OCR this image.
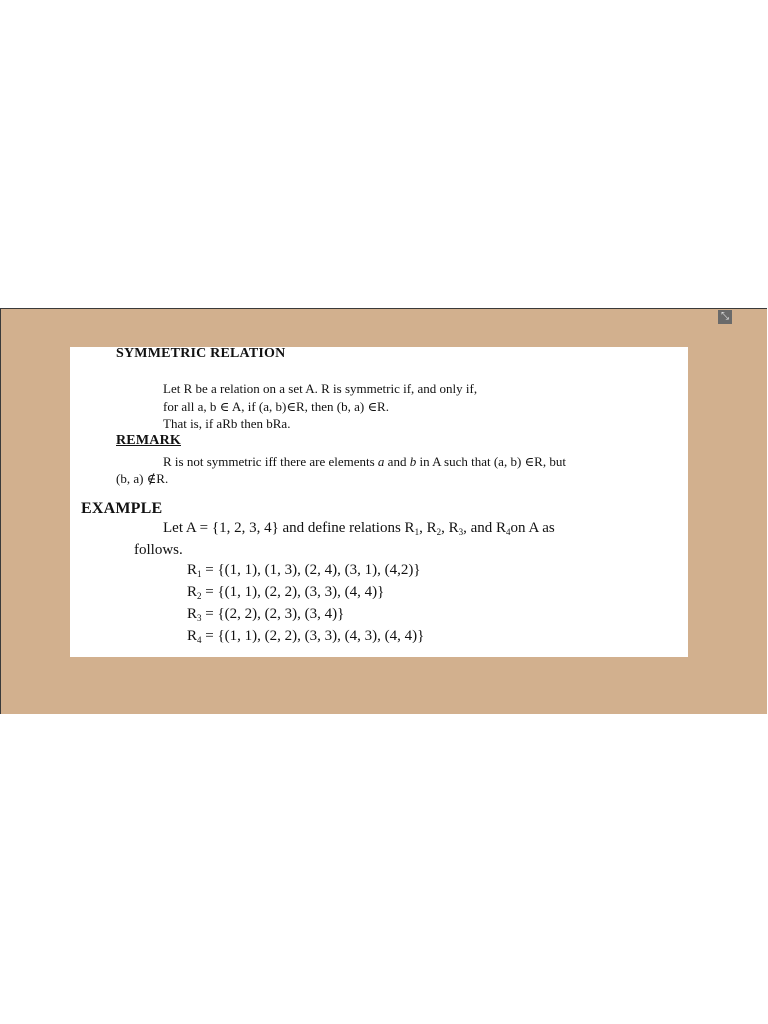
⤡
SYMMETRIC RELATION
Let R be a relation on a set A. R is symmetric if, and only if,
for all a, b ∈ A, if (a, b)∈R, then (b, a) ∈R.
That is, if aRb then bRa.
REMARK
R is not symmetric iff there are elements a and b in A such that (a, b) ∈R, but
(b, a) ∉R.
EXAMPLE
Let A = {1, 2, 3, 4} and define relations $R_1$, $R_2$, $R_3$, and $R_4on$ A as
follows.
$R_1 = \{(1$, 1), (1, 3), (2, 4), (3, 1), (4,2)}
$R_2 = \{(1$, 1), (2, 2), (3, 3), (4, 4)}
$R_3 = \{(2$, 2), (2, 3), (3, 4)}
$R_4 = \{(1$, 1), (2, 2), (3, 3), (4, 3), (4, 4)}
